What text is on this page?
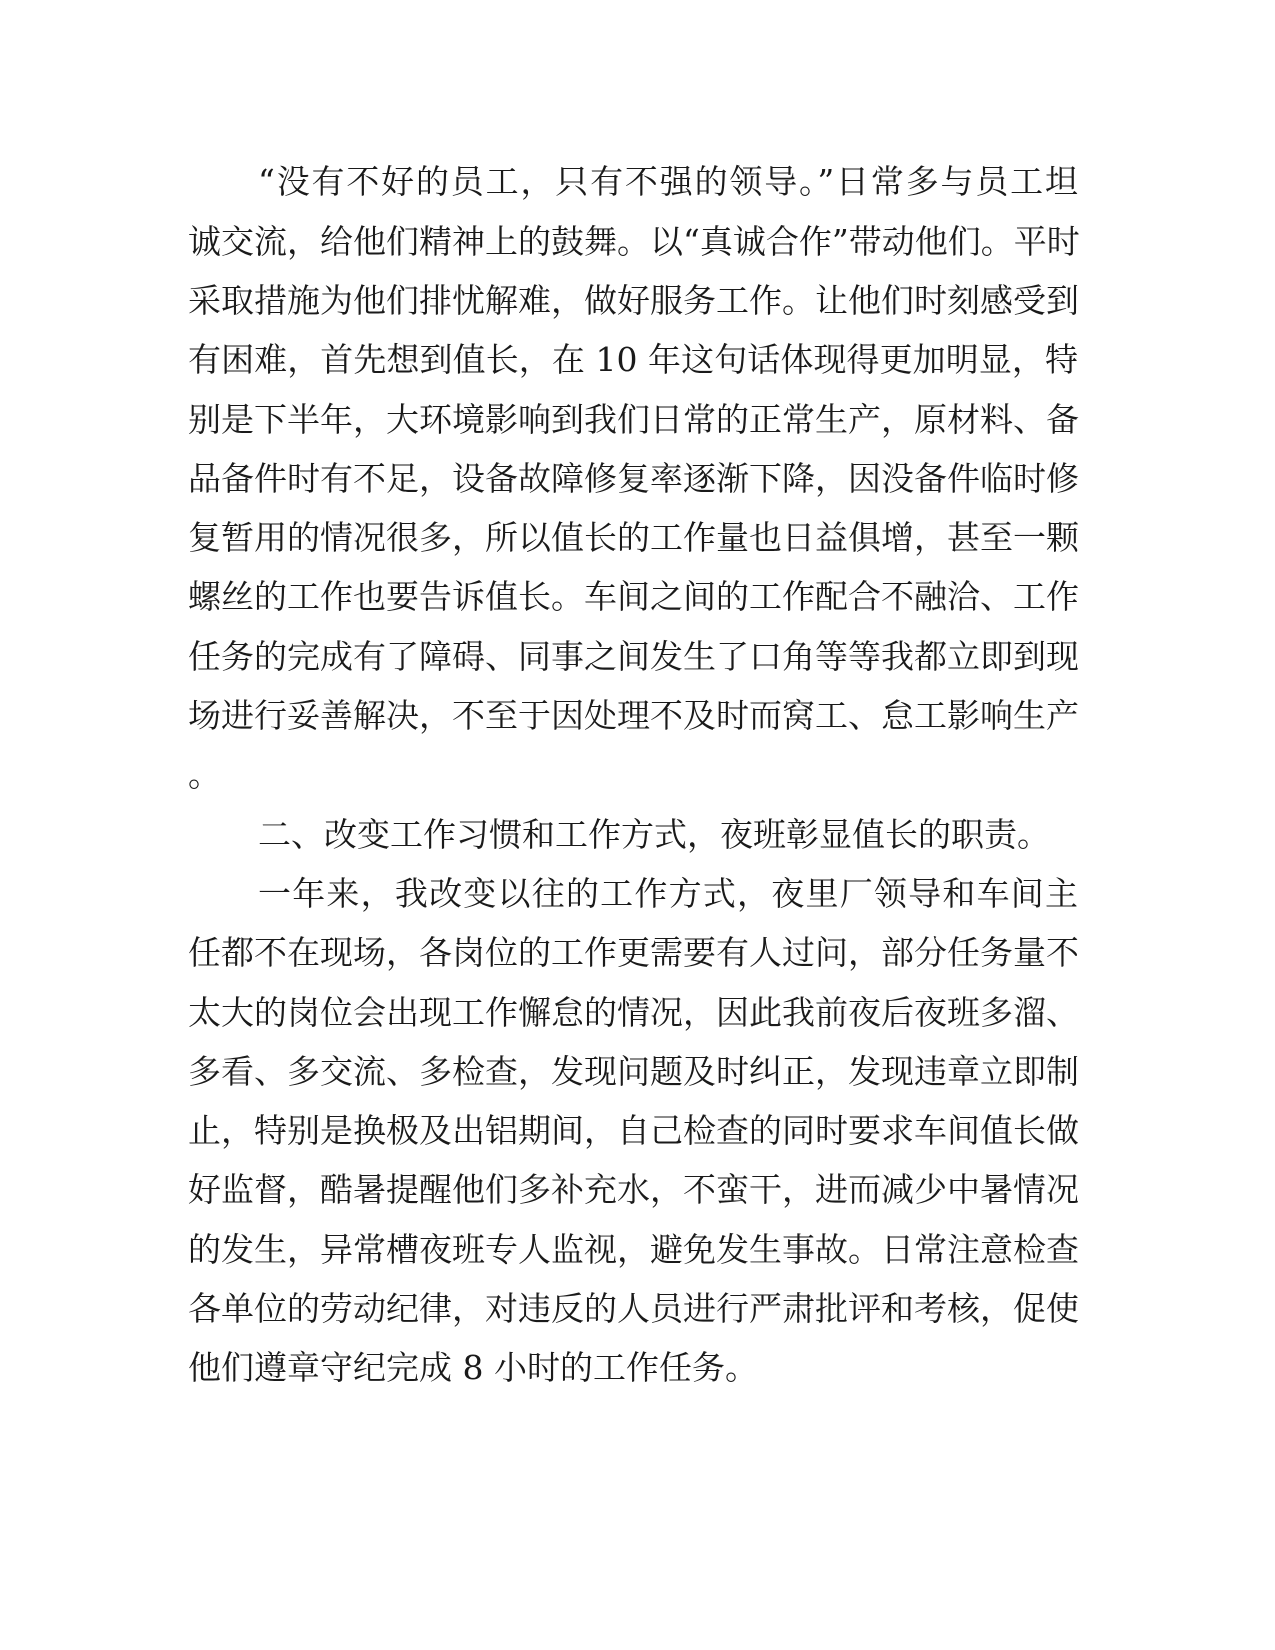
“没有不好的员工，只有不强的领导。”日常多与员工坦
诚交流，给他们精神上的鼓舞。以“真诚合作”带动他们。平时
采取措施为他们排忧解难，做好服务工作。让他们时刻感受到
有困难，首先想到值长，在 10 年这句话体现得更加明显，特
别是下半年，大环境影响到我们日常的正常生产，原材料、备
品备件时有不足，设备故障修复率逐渐下降，因没备件临时修
复暂用的情况很多，所以值长的工作量也日益俱增，甚至一颗
螺丝的工作也要告诉值长。车间之间的工作配合不融洽、工作
任务的完成有了障碍、同事之间发生了口角等等我都立即到现
场进行妥善解决，不至于因处理不及时而窝工、怠工影响生产
。
二、改变工作习惯和工作方式，夜班彰显值长的职责。
一年来，我改变以往的工作方式，夜里厂领导和车间主
任都不在现场，各岗位的工作更需要有人过问，部分任务量不
太大的岗位会出现工作懈怠的情况，因此我前夜后夜班多溜、
多看、多交流、多检查，发现问题及时纠正，发现违章立即制
止，特别是换极及出铝期间，自己检查的同时要求车间值长做
好监督，酷暑提醒他们多补充水，不蛮干，进而减少中暑情况
的发生，异常槽夜班专人监视，避免发生事故。日常注意检查
各单位的劳动纪律，对违反的人员进行严肃批评和考核，促使
他们遵章守纪完成 8 小时的工作任务。
